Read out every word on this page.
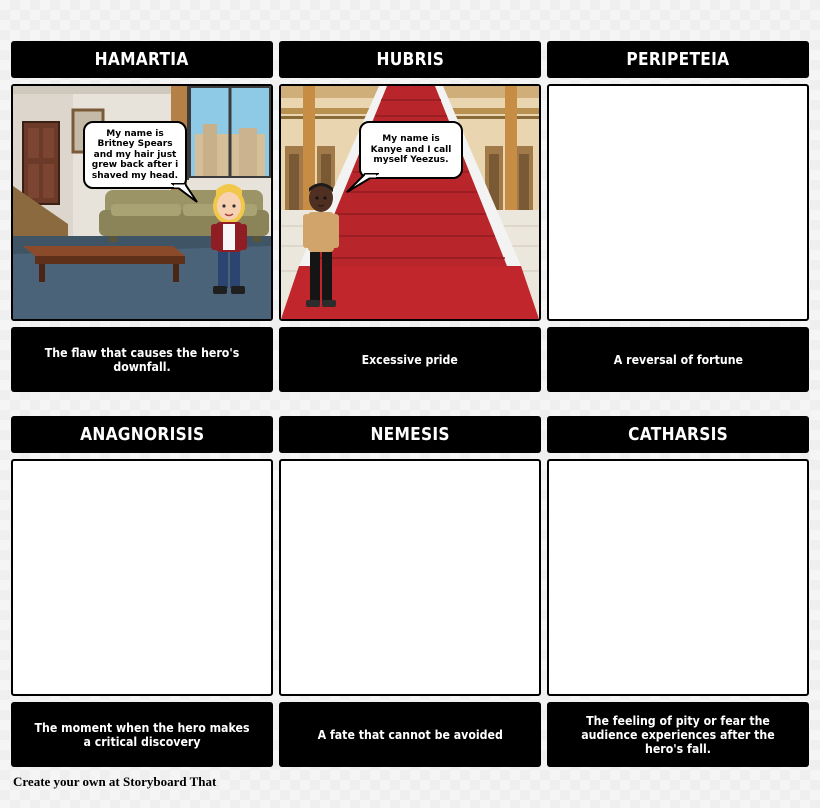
HAMARTIA
My name is Britney Spears and my hair just grew back after i shaved my head.
The flaw that causes the hero's downfall.
HUBRIS
My name is Kanye and I call myself Yeezus.
Excessive pride
PERIPETEIA
A reversal of fortune
ANAGNORISIS
The moment when the hero makes a critical discovery
NEMESIS
A fate that cannot be avoided
CATHARSIS
The feeling of pity or fear the audience experiences after the hero's fall.
Create your own at Storyboard That
